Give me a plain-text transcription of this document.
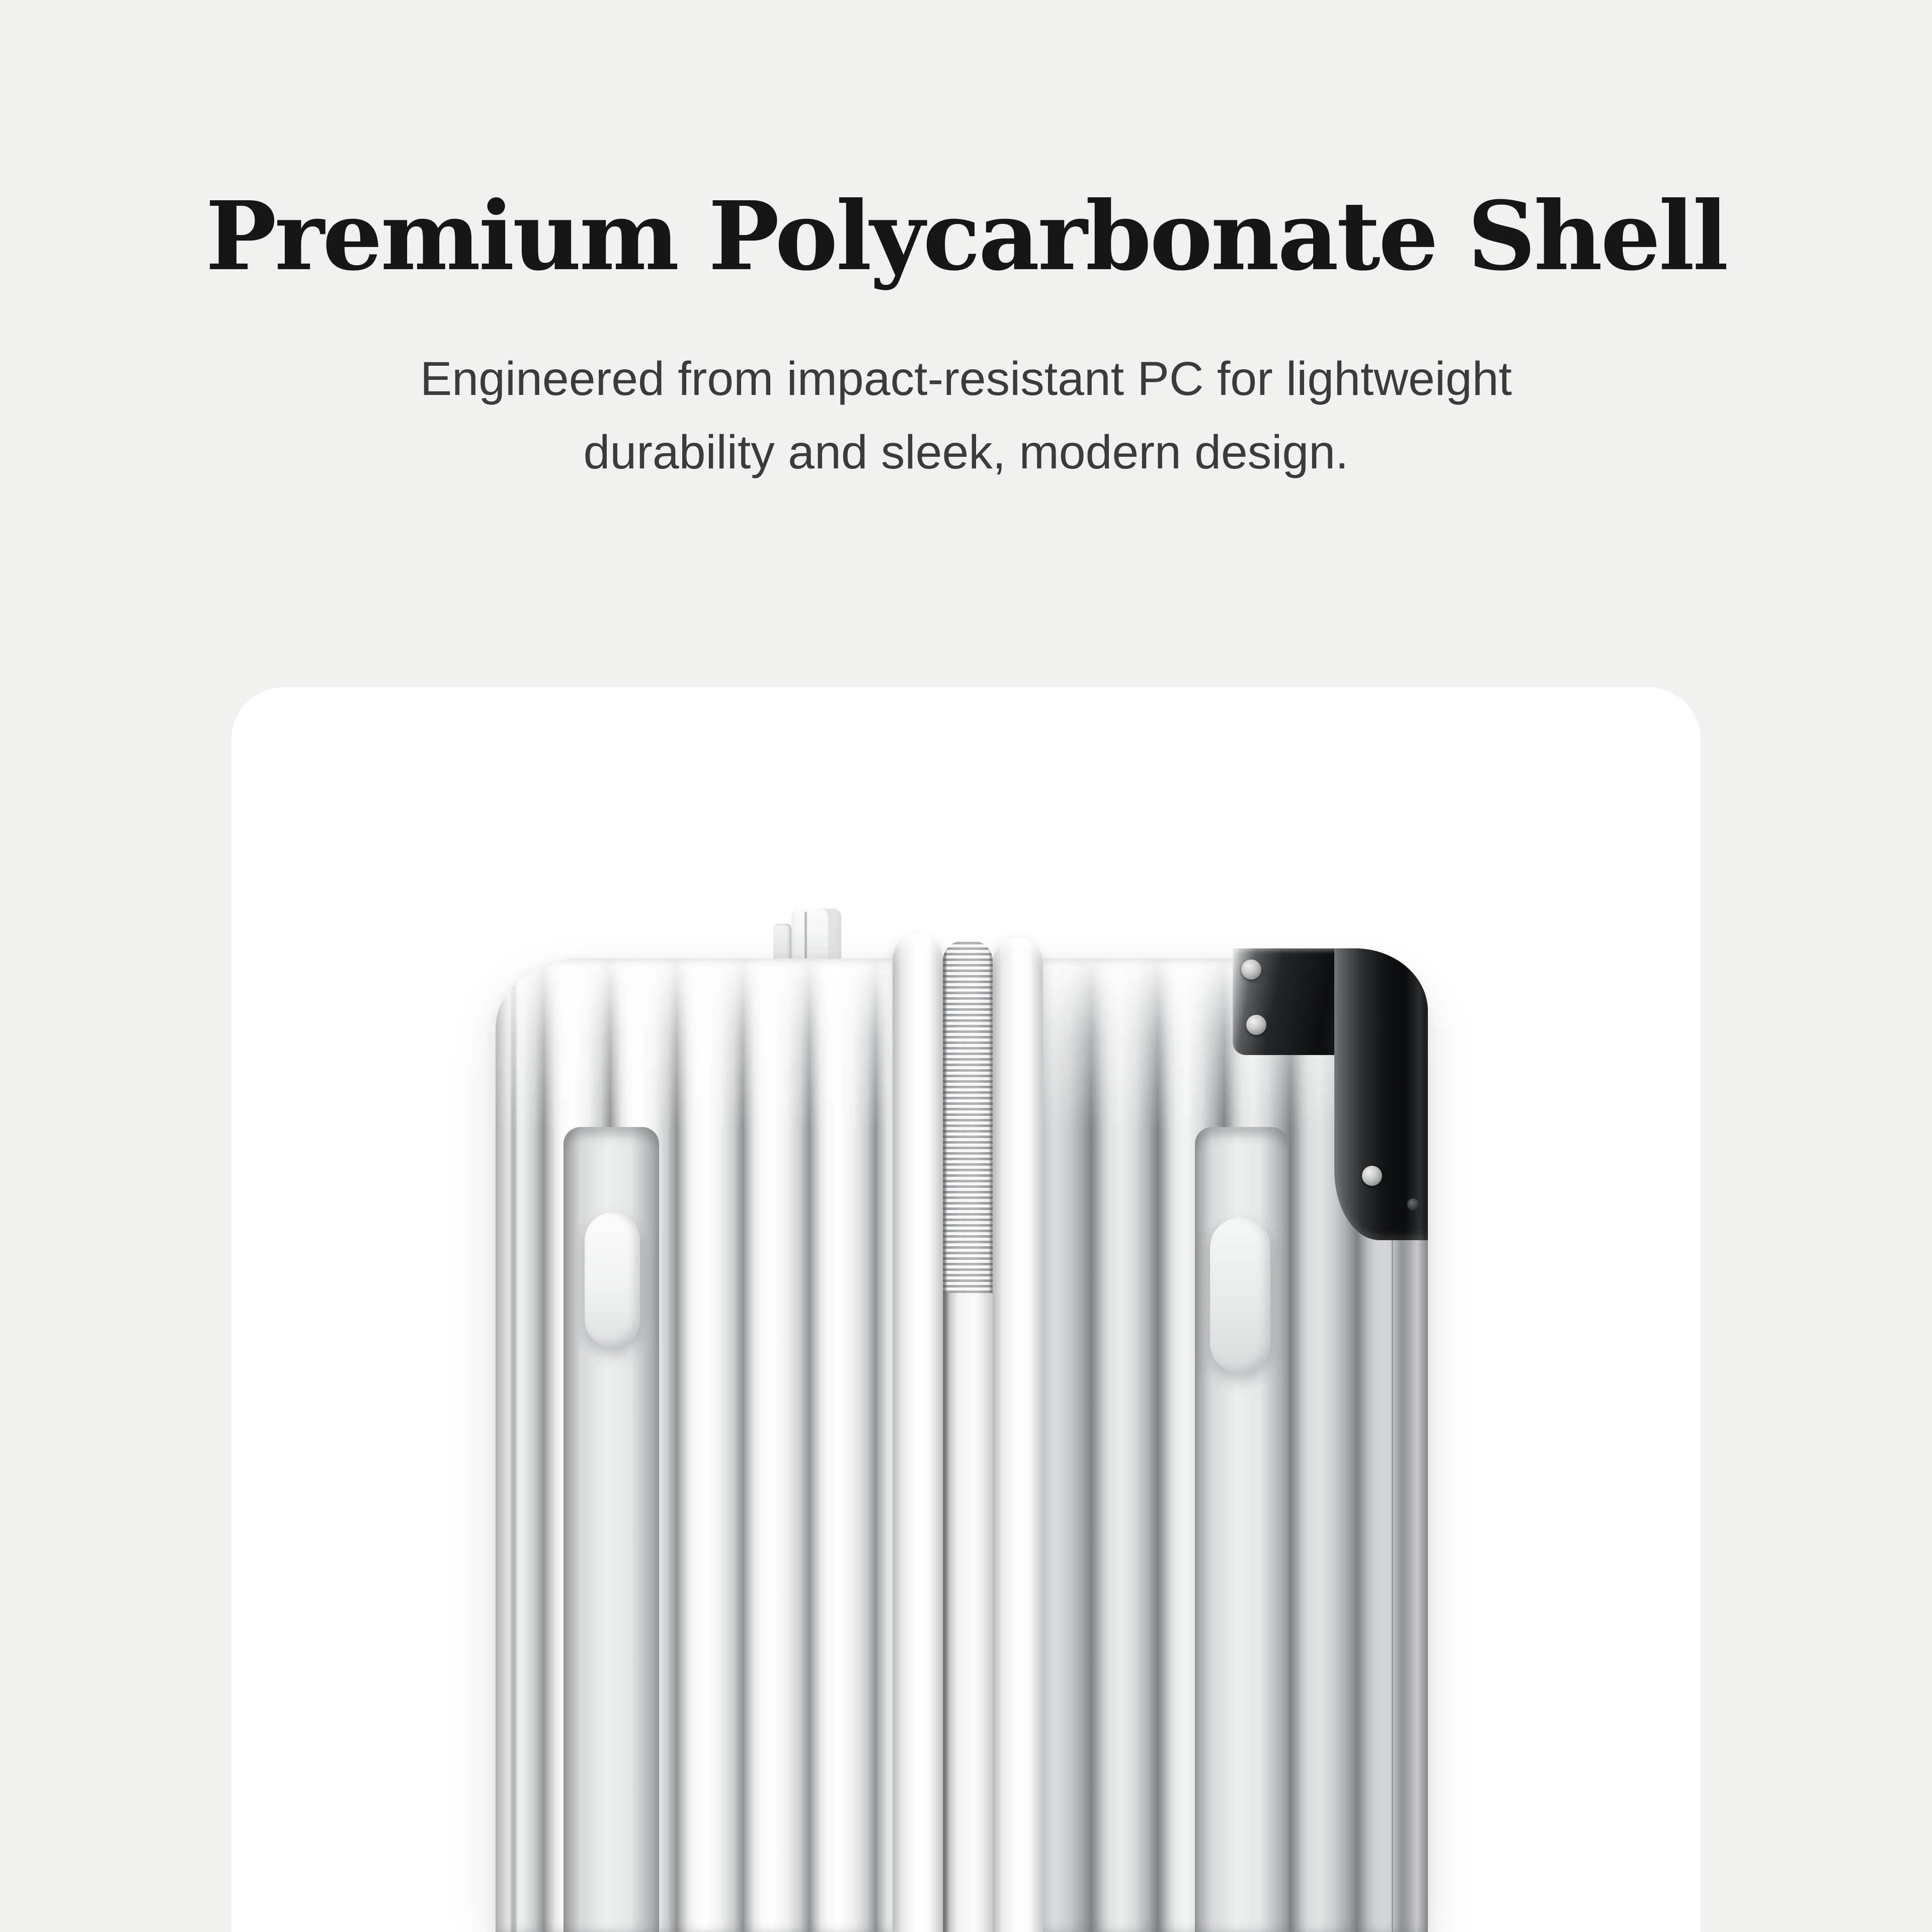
Premium Polycarbonate Shell

Engineered from impact-resistant PC for lightweight
durability and sleek, modern design.
